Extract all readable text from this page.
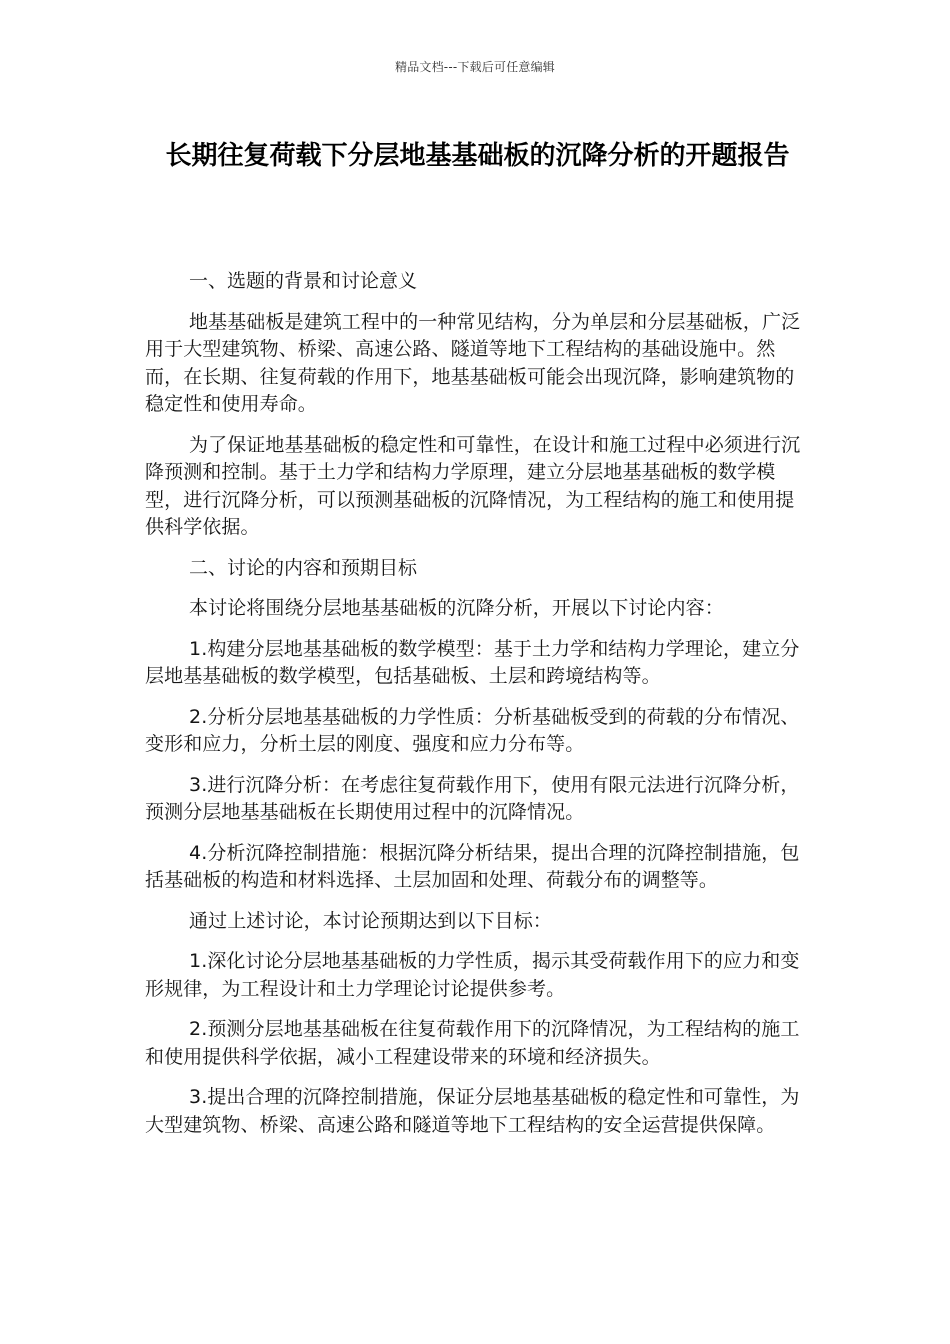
精品文档---下载后可任意编辑
长期往复荷载下分层地基基础板的沉降分析的开题报告

一、选题的背景和讨论意义

地基基础板是建筑工程中的一种常见结构，分为单层和分层基础板，广泛用于大型建筑物、桥梁、高速公路、隧道等地下工程结构的基础设施中。然而，在长期、往复荷载的作用下，地基基础板可能会出现沉降，影响建筑物的稳定性和使用寿命。

为了保证地基基础板的稳定性和可靠性，在设计和施工过程中必须进行沉降预测和控制。基于土力学和结构力学原理，建立分层地基基础板的数学模型，进行沉降分析，可以预测基础板的沉降情况，为工程结构的施工和使用提供科学依据。

二、讨论的内容和预期目标

本讨论将围绕分层地基基础板的沉降分析，开展以下讨论内容：

1.构建分层地基基础板的数学模型：基于土力学和结构力学理论，建立分层地基基础板的数学模型，包括基础板、土层和跨境结构等。

2.分析分层地基基础板的力学性质：分析基础板受到的荷载的分布情况、变形和应力，分析土层的刚度、强度和应力分布等。

3.进行沉降分析：在考虑往复荷载作用下，使用有限元法进行沉降分析，预测分层地基基础板在长期使用过程中的沉降情况。

4.分析沉降控制措施：根据沉降分析结果，提出合理的沉降控制措施，包括基础板的构造和材料选择、土层加固和处理、荷载分布的调整等。

通过上述讨论，本讨论预期达到以下目标：

1.深化讨论分层地基基础板的力学性质，揭示其受荷载作用下的应力和变形规律，为工程设计和土力学理论讨论提供参考。

2.预测分层地基基础板在往复荷载作用下的沉降情况，为工程结构的施工和使用提供科学依据，减小工程建设带来的环境和经济损失。

3.提出合理的沉降控制措施，保证分层地基基础板的稳定性和可靠性，为大型建筑物、桥梁、高速公路和隧道等地下工程结构的安全运营提供保障。
